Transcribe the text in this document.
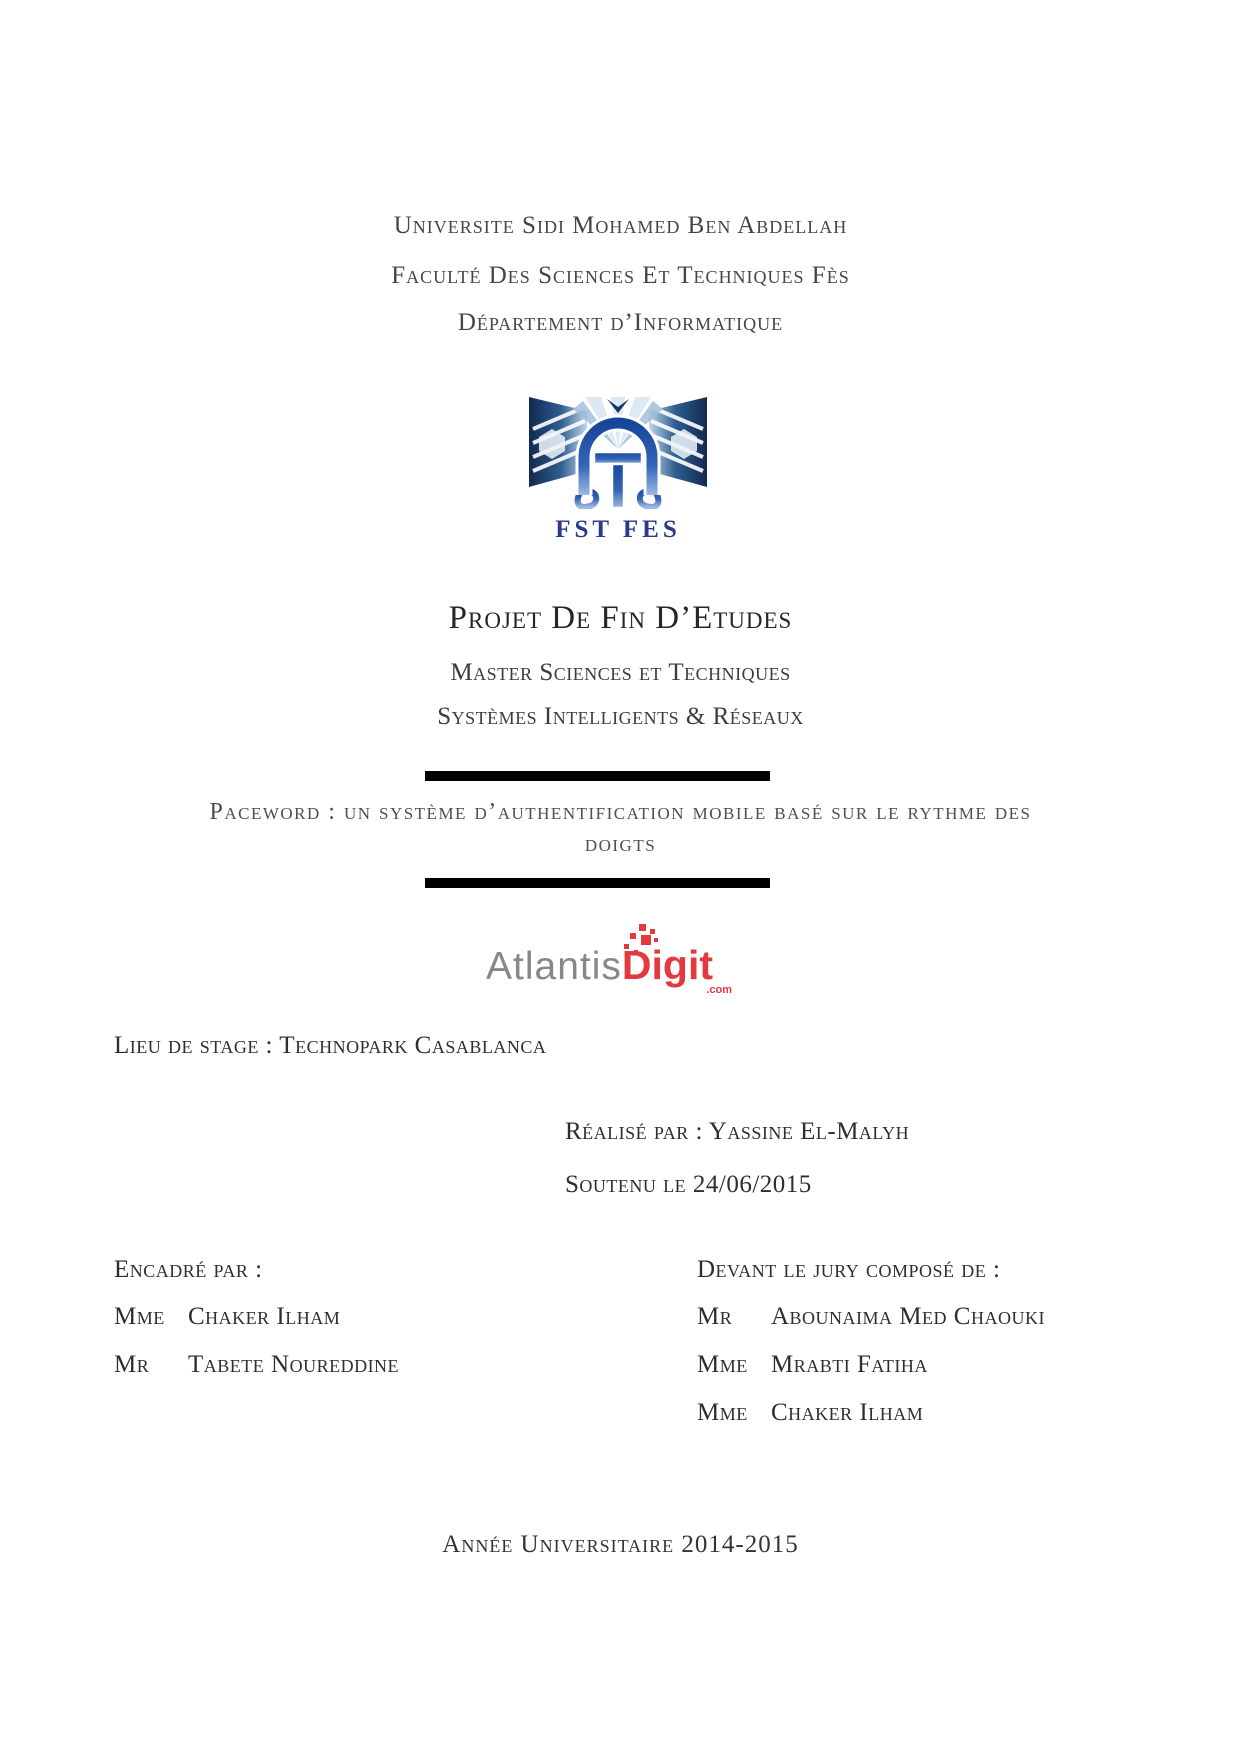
Universite Sidi Mohamed Ben Abdellah
Faculté Des Sciences Et Techniques Fès
Département d’Informatique
FST FES
Projet De Fin D’Etudes
Master Sciences et Techniques
Systèmes Intelligents & Réseaux
Paceword : un système d’authentification mobile basé sur le rythme des
doigts
AtlantisDigit
.com
Lieu de stage : Technopark Casablanca
Réalisé par : Yassine El-Malyh
Soutenu le 24/06/2015
Encadré par :
Mme Chaker Ilham
Mr Tabete Noureddine
Devant le jury composé de :
Mr Abounaima Med Chaouki
Mme Mrabti Fatiha
Mme Chaker Ilham
Année Universitaire 2014-2015
